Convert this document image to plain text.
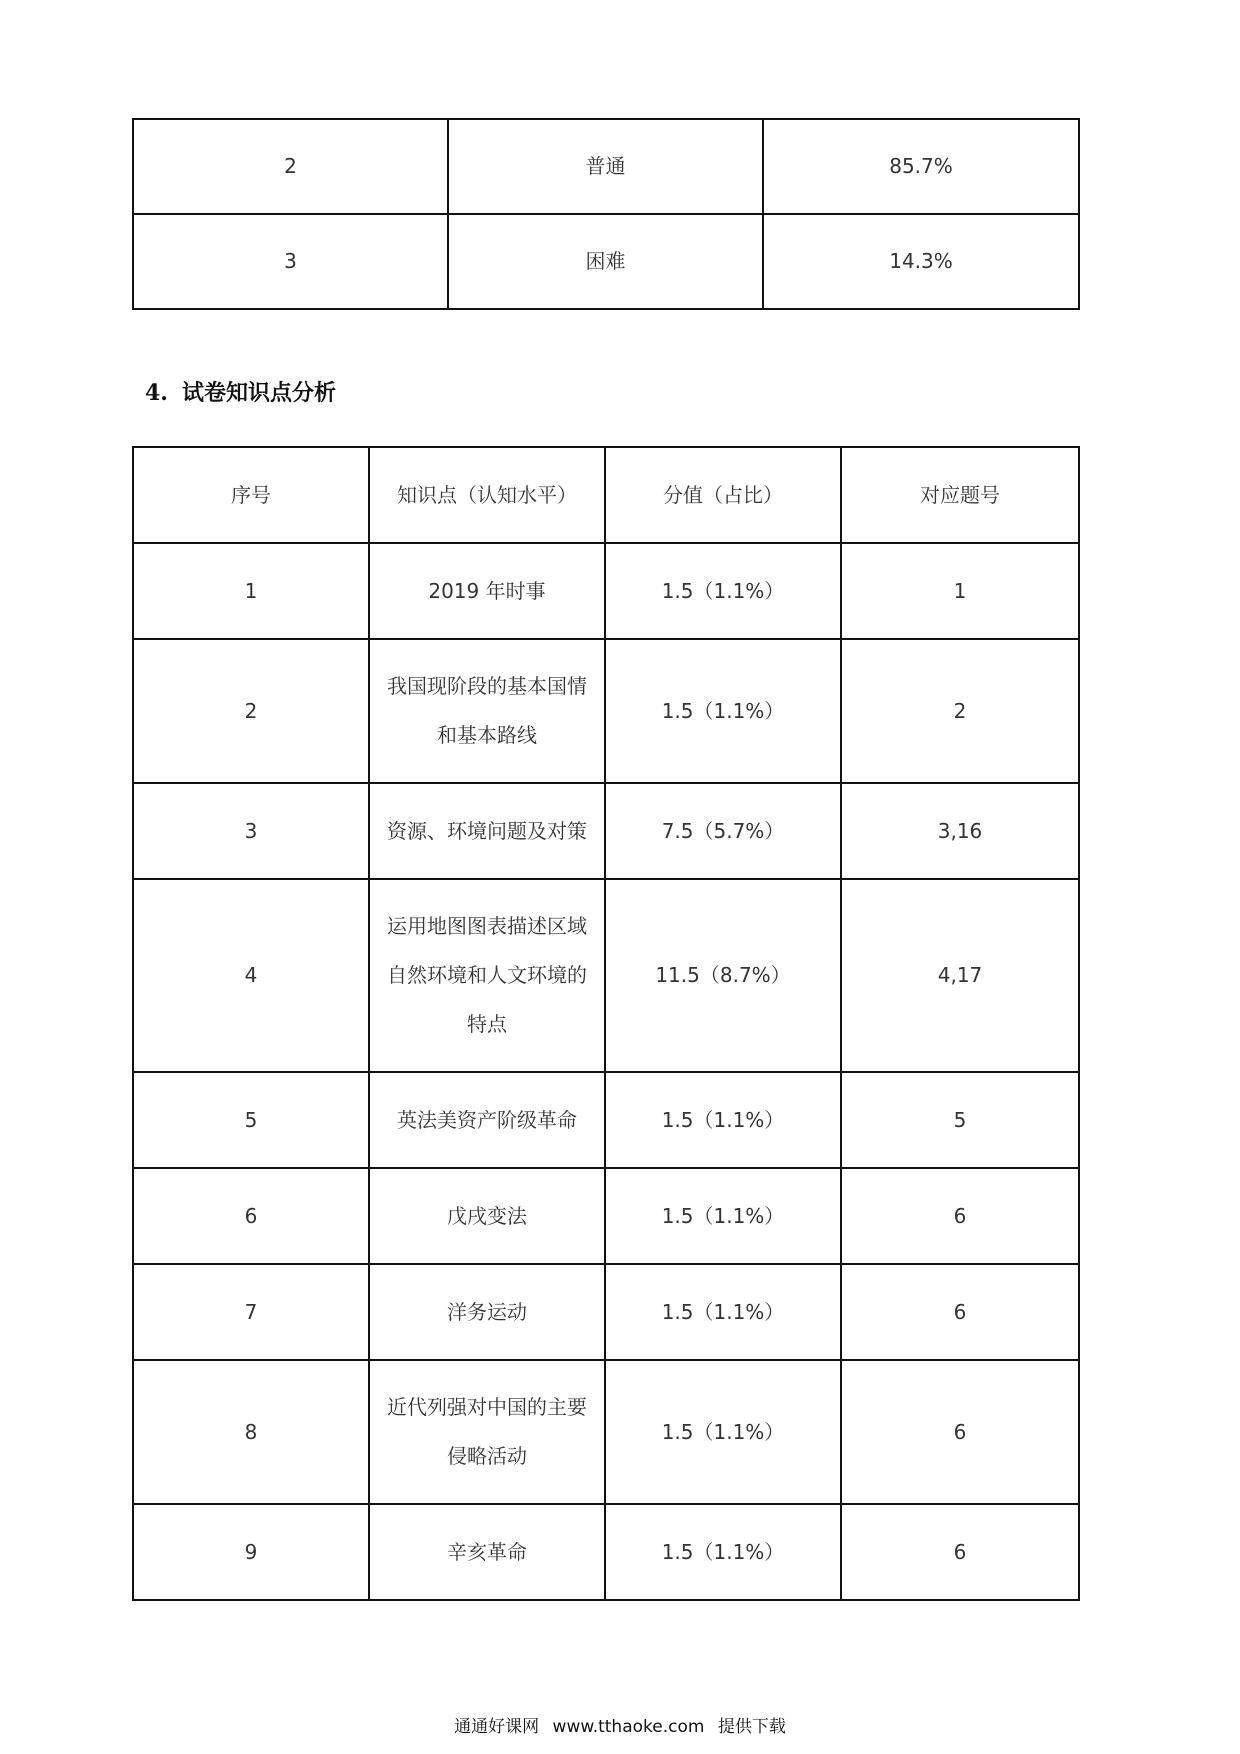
2	普通	85.7%
3	困难	14.3%
4. 试卷知识点分析
序号	知识点（认知水平）	分值（占比）	对应题号
1	2019 年时事	1.5（1.1%）	1
2	我国现阶段的基本国情和基本路线	1.5（1.1%）	2
3	资源、环境问题及对策	7.5（5.7%）	3,16
4	运用地图图表描述区域自然环境和人文环境的特点	11.5（8.7%）	4,17
5	英法美资产阶级革命	1.5（1.1%）	5
6	戊戌变法	1.5（1.1%）	6
7	洋务运动	1.5（1.1%）	6
8	近代列强对中国的主要侵略活动	1.5（1.1%）	6
9	辛亥革命	1.5（1.1%）	6
通通好课网 www.tthaoke.com 提供下载
